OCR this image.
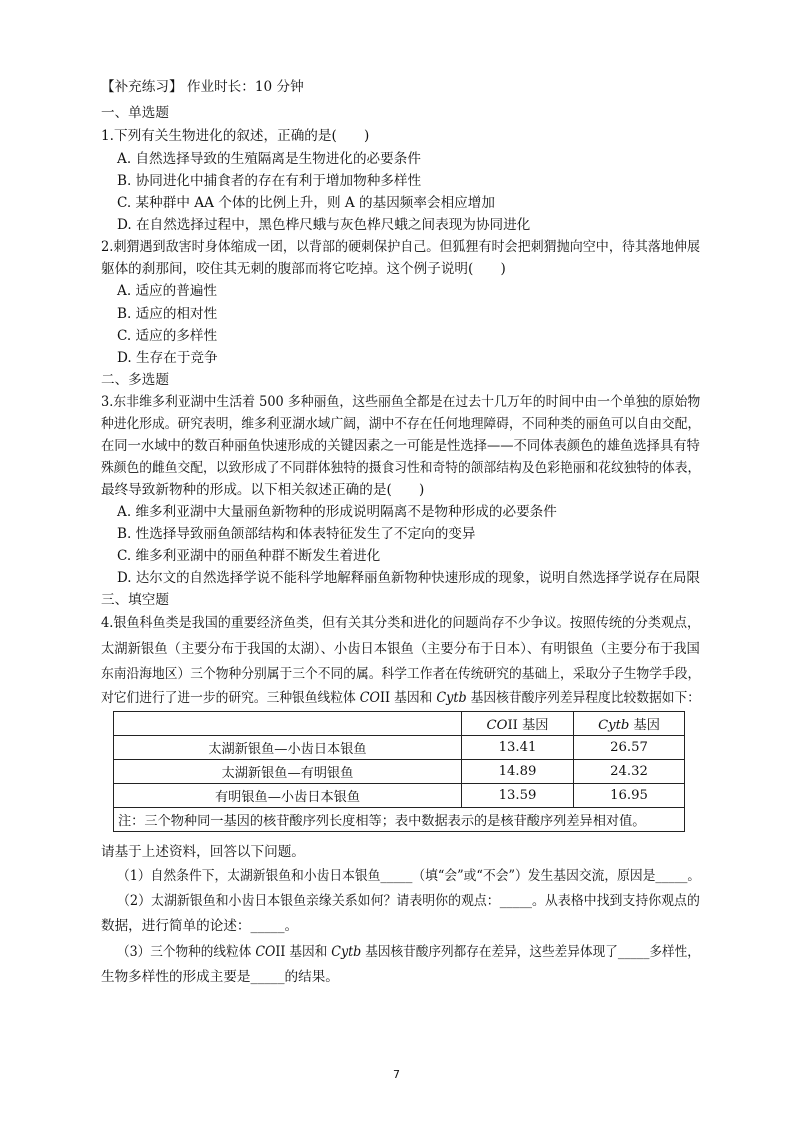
【补充练习】 作业时长：10 分钟
一、单选题
1.下列有关生物进化的叙述，正确的是(　　)
A. 自然选择导致的生殖隔离是生物进化的必要条件
B. 协同进化中捕食者的存在有利于增加物种多样性
C. 某种群中 AA 个体的比例上升，则 A 的基因频率会相应增加
D. 在自然选择过程中，黑色桦尺蛾与灰色桦尺蛾之间表现为协同进化
2.刺猬遇到敌害时身体缩成一团，以背部的硬刺保护自己。但狐狸有时会把刺猬抛向空中，待其落地伸展
躯体的刹那间，咬住其无刺的腹部而将它吃掉。这个例子说明(　　)
A. 适应的普遍性
B. 适应的相对性
C. 适应的多样性
D. 生存在于竞争
二、多选题
3.东非维多利亚湖中生活着 500 多种丽鱼，这些丽鱼全都是在过去十几万年的时间中由一个单独的原始物
种进化形成。研究表明，维多利亚湖水域广阔，湖中不存在任何地理障碍，不同种类的丽鱼可以自由交配，
在同一水域中的数百种丽鱼快速形成的关键因素之一可能是性选择——不同体表颜色的雄鱼选择具有特
殊颜色的雌鱼交配，以致形成了不同群体独特的摄食习性和奇特的颌部结构及色彩艳丽和花纹独特的体表，
最终导致新物种的形成。以下相关叙述正确的是(　　)
A. 维多利亚湖中大量丽鱼新物种的形成说明隔离不是物种形成的必要条件
B. 性选择导致丽鱼颌部结构和体表特征发生了不定向的变异
C. 维多利亚湖中的丽鱼种群不断发生着进化
D. 达尔文的自然选择学说不能科学地解释丽鱼新物种快速形成的现象，说明自然选择学说存在局限
三、填空题
4.银鱼科鱼类是我国的重要经济鱼类，但有关其分类和进化的问题尚存不少争议。按照传统的分类观点，
太湖新银鱼（主要分布于我国的太湖）、小齿日本银鱼（主要分布于日本）、有明银鱼（主要分布于我国
东南沿海地区）三个物种分别属于三个不同的属。科学工作者在传统研究的基础上，采取分子生物学手段，
对它们进行了进一步的研究。三种银鱼线粒体 COII 基因和 Cytb 基因核苷酸序列差异程度比较数据如下：
	COII 基因	Cytb 基因
太湖新银鱼—小齿日本银鱼	13.41	26.57
太湖新银鱼—有明银鱼	14.89	24.32
有明银鱼—小齿日本银鱼	13.59	16.95
注：三个物种同一基因的核苷酸序列长度相等；表中数据表示的是核苷酸序列差异相对值。		
请基于上述资料，回答以下问题。
（1）自然条件下，太湖新银鱼和小齿日本银鱼_____（填“会”或“不会”）发生基因交流，原因是_____。
（2）太湖新银鱼和小齿日本银鱼亲缘关系如何？请表明你的观点：_____。从表格中找到支持你观点的
数据，进行简单的论述：_____。
（3）三个物种的线粒体 COII 基因和 Cytb 基因核苷酸序列都存在差异，这些差异体现了_____多样性，
生物多样性的形成主要是_____的结果。
7
